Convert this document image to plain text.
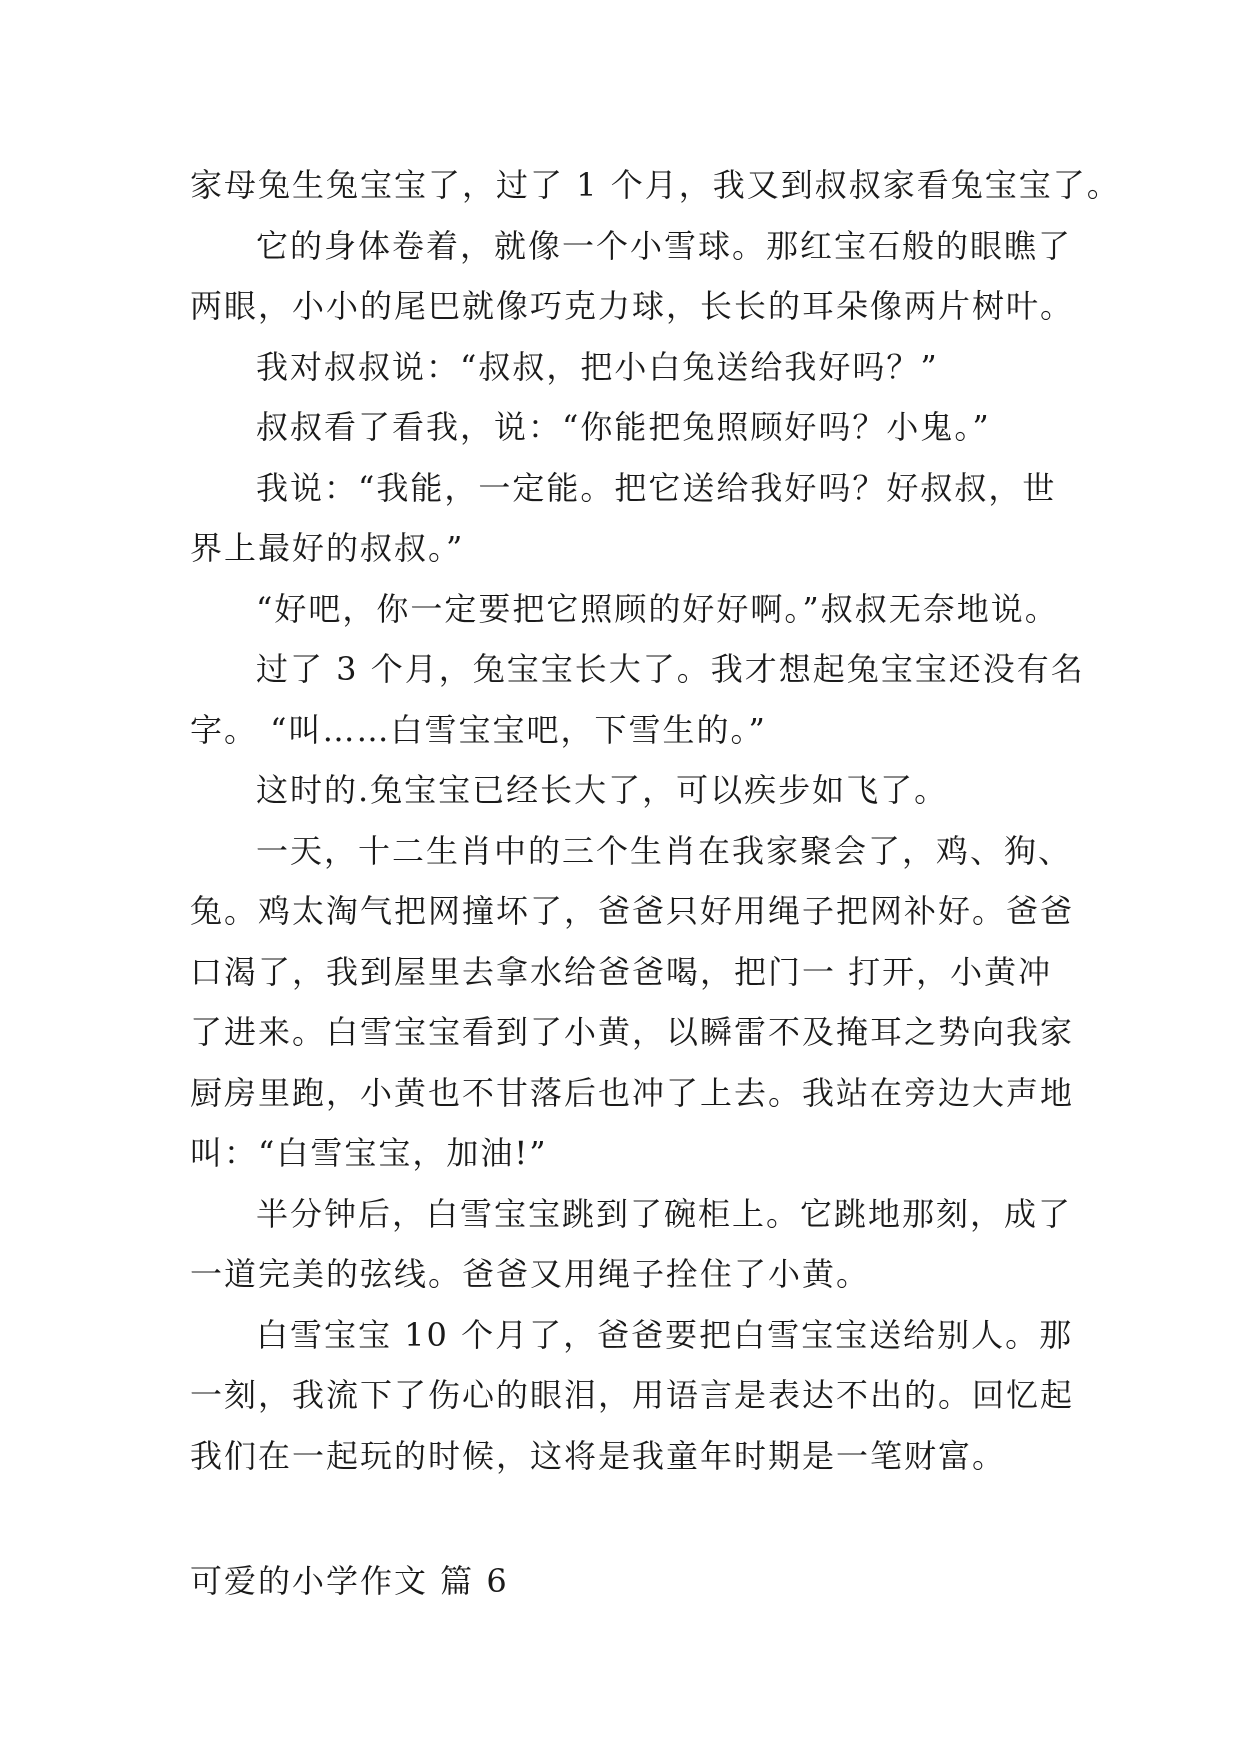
家母兔生兔宝宝了，过了 1 个月，我又到叔叔家看兔宝宝了。
它的身体卷着，就像一个小雪球。那红宝石般的眼瞧了
两眼，小小的尾巴就像巧克力球，长长的耳朵像两片树叶。
我对叔叔说：“叔叔，把小白兔送给我好吗？”
叔叔看了看我，说：“你能把兔照顾好吗？小鬼。”
我说：“我能，一定能。把它送给我好吗？好叔叔，世
界上最好的叔叔。”
“好吧，你一定要把它照顾的好好啊。”叔叔无奈地说。
过了 3 个月，兔宝宝长大了。我才想起兔宝宝还没有名
字。 “叫……白雪宝宝吧，下雪生的。”
这时的.兔宝宝已经长大了，可以疾步如飞了。
一天，十二生肖中的三个生肖在我家聚会了，鸡、狗、
兔。鸡太淘气把网撞坏了，爸爸只好用绳子把网补好。爸爸
口渴了，我到屋里去拿水给爸爸喝，把门一 打开，小黄冲
了进来。白雪宝宝看到了小黄，以瞬雷不及掩耳之势向我家
厨房里跑，小黄也不甘落后也冲了上去。我站在旁边大声地
叫：“白雪宝宝，加油!”
半分钟后，白雪宝宝跳到了碗柜上。它跳地那刻，成了
一道完美的弦线。爸爸又用绳子拴住了小黄。
白雪宝宝 10 个月了，爸爸要把白雪宝宝送给别人。那
一刻，我流下了伤心的眼泪，用语言是表达不出的。回忆起
我们在一起玩的时候，这将是我童年时期是一笔财富。
可爱的小学作文 篇 6
